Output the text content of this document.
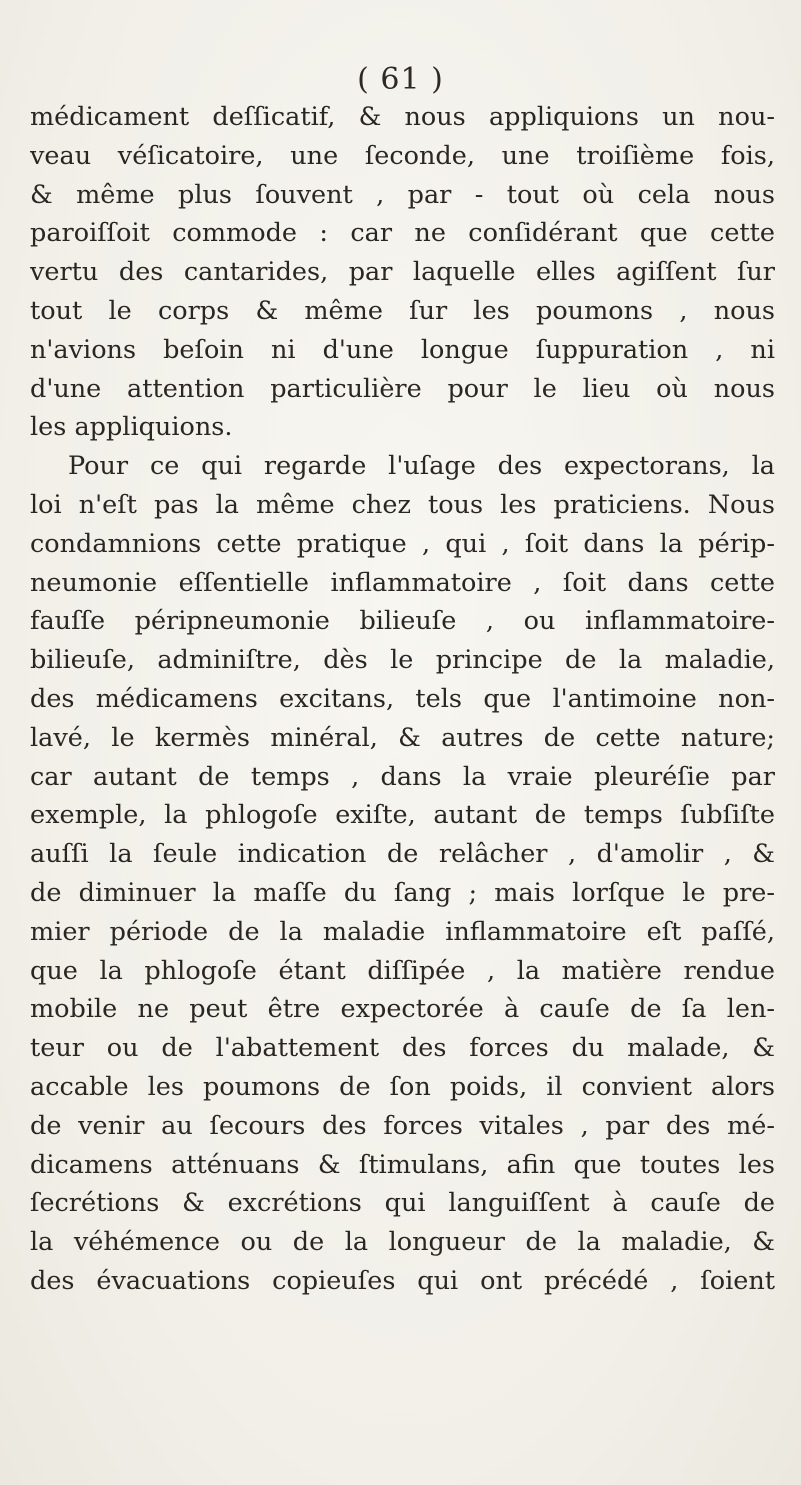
( 61 )
médicament deſſicatif, & nous appliquions un nou-
veau véſicatoire, une ſeconde, une troiſième fois,
& même plus ſouvent , par - tout où cela nous
paroiſſoit commode : car ne conſidérant que cette
vertu des cantarides, par laquelle elles agiſſent ſur
tout le corps & même ſur les poumons , nous
n'avions beſoin ni d'une longue ſuppuration , ni
d'une attention particulière pour le lieu où nous
les appliquions.
Pour ce qui regarde l'uſage des expectorans, la
loi n'eſt pas la même chez tous les praticiens. Nous
condamnions cette pratique , qui , ſoit dans la périp-
neumonie eſſentielle inflammatoire , ſoit dans cette
fauſſe péripneumonie bilieuſe , ou inflammatoire-
bilieuſe, adminiſtre, dès le principe de la maladie,
des médicamens excitans, tels que l'antimoine non-
lavé, le kermès minéral, & autres de cette nature;
car autant de temps , dans la vraie pleuréſie par
exemple, la phlogoſe exiſte, autant de temps ſubſiſte
auſſi la ſeule indication de relâcher , d'amolir , &
de diminuer la maſſe du ſang ; mais lorſque le pre-
mier période de la maladie inflammatoire eſt paſſé,
que la phlogoſe étant diſſipée , la matière rendue
mobile ne peut être expectorée à cauſe de ſa len-
teur ou de l'abattement des forces du malade, &
accable les poumons de ſon poids, il convient alors
de venir au ſecours des forces vitales , par des mé-
dicamens atténuans & ſtimulans, afin que toutes les
ſecrétions & excrétions qui languiſſent à cauſe de
la véhémence ou de la longueur de la maladie, &
des évacuations copieuſes qui ont précédé , ſoient
